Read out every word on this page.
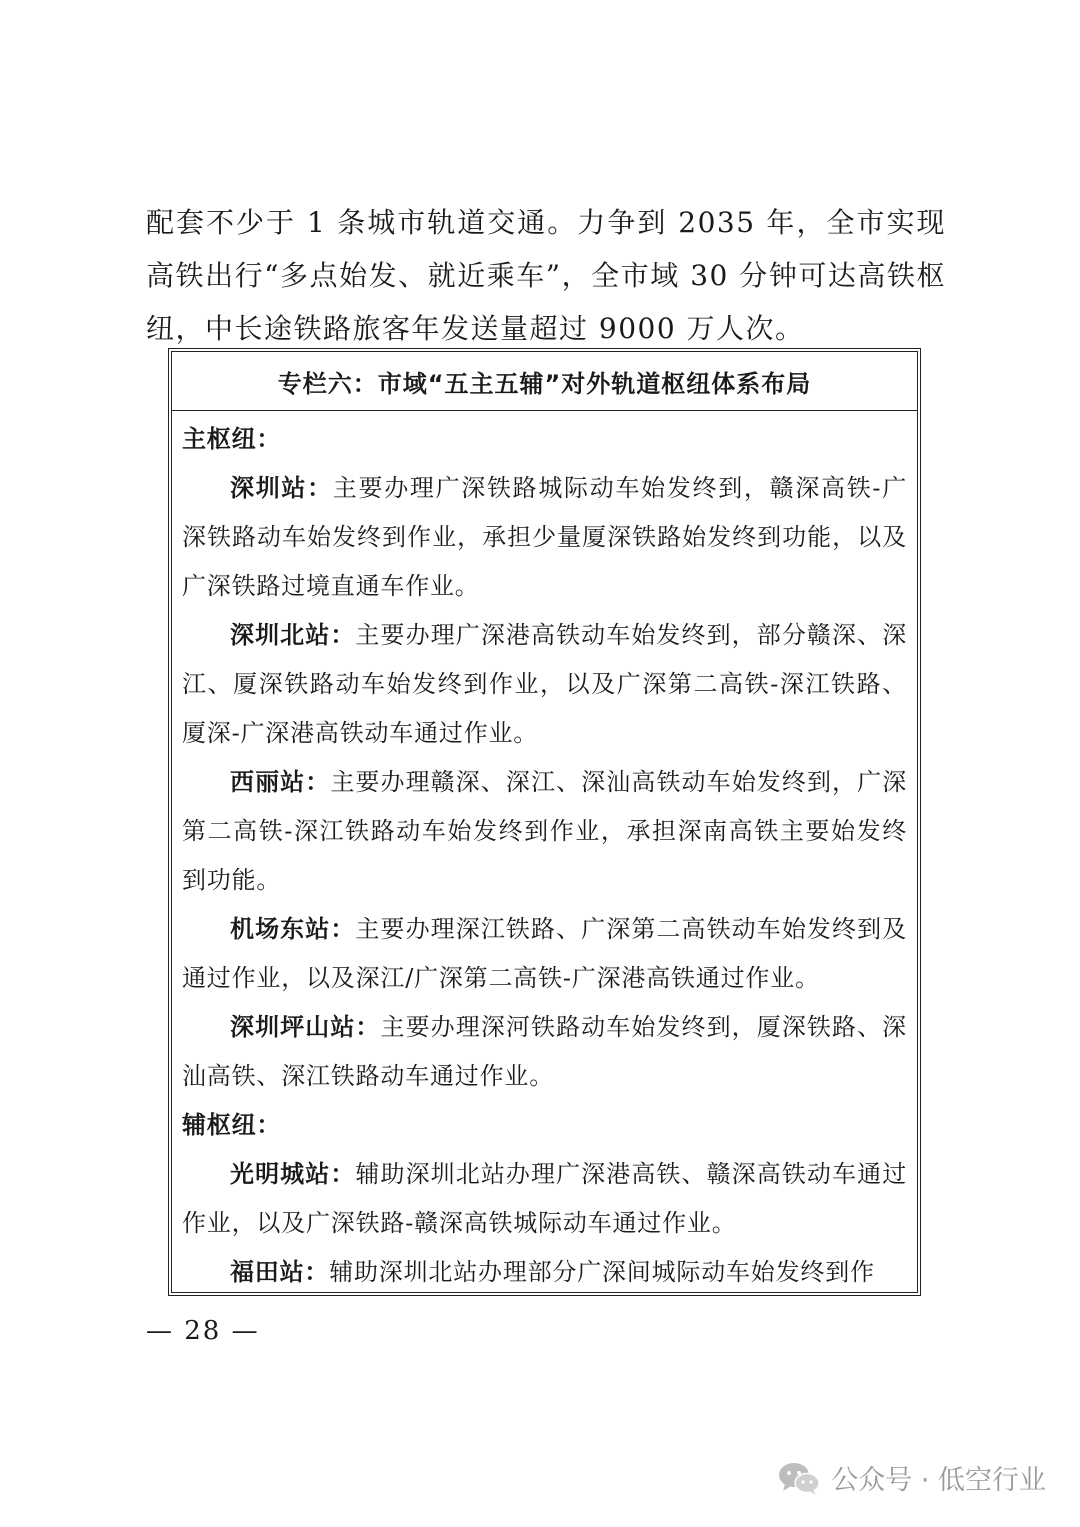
配套不少于 1 条城市轨道交通。力争到 2035 年，全市实现高铁出行“多点始发、就近乘车”，全市域 30 分钟可达高铁枢纽，中长途铁路旅客年发送量超过 9000 万人次。

专栏六：市域“五主五辅”对外轨道枢纽体系布局

主枢纽：

深圳站：主要办理广深铁路城际动车始发终到，赣深高铁-广深铁路动车始发终到作业，承担少量厦深铁路始发终到功能，以及广深铁路过境直通车作业。

深圳北站：主要办理广深港高铁动车始发终到，部分赣深、深江、厦深铁路动车始发终到作业，以及广深第二高铁-深江铁路、厦深-广深港高铁动车通过作业。

西丽站：主要办理赣深、深江、深汕高铁动车始发终到，广深第二高铁-深江铁路动车始发终到作业，承担深南高铁主要始发终到功能。

机场东站：主要办理深江铁路、广深第二高铁动车始发终到及通过作业，以及深江/广深第二高铁-广深港高铁通过作业。

深圳坪山站：主要办理深河铁路动车始发终到，厦深铁路、深汕高铁、深江铁路动车通过作业。

辅枢纽：

光明城站：辅助深圳北站办理广深港高铁、赣深高铁动车通过作业，以及广深铁路-赣深高铁城际动车通过作业。

福田站：辅助深圳北站办理部分广深间城际动车始发终到作

— 28 —
公众号 · 低空行业
